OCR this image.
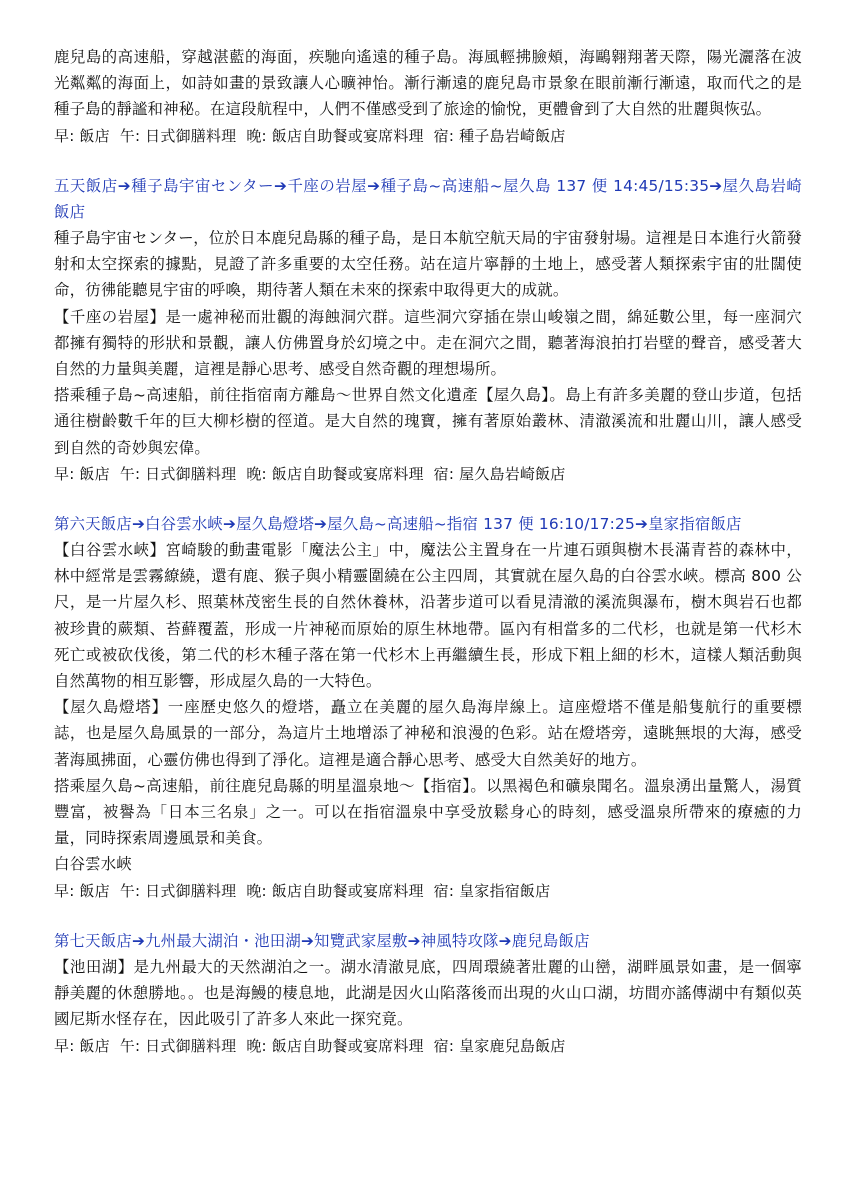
鹿兒島的高速船，穿越湛藍的海面，疾馳向遙遠的種子島。海風輕拂臉頰，海鷗翱翔著天際，陽光灑落在波光粼粼的海面上，如詩如畫的景致讓人心曠神怡。漸行漸遠的鹿兒島市景象在眼前漸行漸遠，取而代之的是種子島的靜謐和神秘。在這段航程中，人們不僅感受到了旅途的愉悅，更體會到了大自然的壯麗與恢弘。

早: 飯店  午: 日式御膳料理  晚: 飯店自助餐或宴席料理  宿: 種子島岩崎飯店

五天飯店➔種子島宇宙センター➔千座の岩屋➔種子島~高速船~屋久島 137 便 14:45/15:35➔屋久島岩崎飯店

種子島宇宙センター，位於日本鹿兒島縣的種子島，是日本航空航天局的宇宙發射場。這裡是日本進行火箭發射和太空探索的據點，見證了許多重要的太空任務。站在這片寧靜的土地上，感受著人類探索宇宙的壯闊使命，彷彿能聽見宇宙的呼喚，期待著人類在未來的探索中取得更大的成就。

【千座の岩屋】是一處神秘而壯觀的海蝕洞穴群。這些洞穴穿插在崇山峻嶺之間，綿延數公里，每一座洞穴都擁有獨特的形狀和景觀，讓人仿佛置身於幻境之中。走在洞穴之間，聽著海浪拍打岩壁的聲音，感受著大自然的力量與美麗，這裡是靜心思考、感受自然奇觀的理想場所。

搭乘種子島~高速船，前往指宿南方離島～世界自然文化遺產【屋久島】。島上有許多美麗的登山步道，包括通往樹齡數千年的巨大柳杉樹的徑道。是大自然的瑰寶，擁有著原始叢林、清澈溪流和壯麗山川，讓人感受到自然的奇妙與宏偉。

早: 飯店  午: 日式御膳料理  晚: 飯店自助餐或宴席料理  宿: 屋久島岩崎飯店

第六天飯店➔白谷雲水峽➔屋久島燈塔➔屋久島~高速船~指宿 137 便 16:10/17:25➔皇家指宿飯店

【白谷雲水峽】宮崎駿的動畫電影「魔法公主」中，魔法公主置身在一片連石頭與樹木長滿青苔的森林中，林中經常是雲霧繚繞，還有鹿、猴子與小精靈圍繞在公主四周，其實就在屋久島的白谷雲水峽。標高 800 公尺，是一片屋久杉、照葉林茂密生長的自然休養林，沿著步道可以看見清澈的溪流與瀑布，樹木與岩石也都被珍貴的蕨類、苔蘚覆蓋，形成一片神秘而原始的原生林地帶。區內有相當多的二代杉，也就是第一代杉木死亡或被砍伐後，第二代的杉木種子落在第一代杉木上再繼續生長，形成下粗上細的杉木，這樣人類活動與自然萬物的相互影響，形成屋久島的一大特色。

【屋久島燈塔】一座歷史悠久的燈塔，矗立在美麗的屋久島海岸線上。這座燈塔不僅是船隻航行的重要標誌，也是屋久島風景的一部分，為這片土地增添了神秘和浪漫的色彩。站在燈塔旁，遠眺無垠的大海，感受著海風拂面，心靈仿佛也得到了淨化。這裡是適合靜心思考、感受大自然美好的地方。

搭乘屋久島~高速船，前往鹿兒島縣的明星溫泉地～【指宿】。以黑褐色和礦泉聞名。溫泉湧出量驚人，湯質豐富，被譽為「日本三名泉」之一。可以在指宿溫泉中享受放鬆身心的時刻，感受溫泉所帶來的療癒的力量，同時探索周邊風景和美食。

白谷雲水峽

早: 飯店  午: 日式御膳料理  晚: 飯店自助餐或宴席料理  宿: 皇家指宿飯店

第七天飯店➔九州最大湖泊・池田湖➔知覽武家屋敷➔神風特攻隊➔鹿兒島飯店

【池田湖】是九州最大的天然湖泊之一。湖水清澈見底，四周環繞著壯麗的山巒，湖畔風景如畫，是一個寧靜美麗的休憩勝地。。也是海鰻的棲息地，此湖是因火山陷落後而出現的火山口湖，坊間亦謠傳湖中有類似英國尼斯水怪存在，因此吸引了許多人來此一探究竟。

早: 飯店  午: 日式御膳料理  晚: 飯店自助餐或宴席料理  宿: 皇家鹿兒島飯店
